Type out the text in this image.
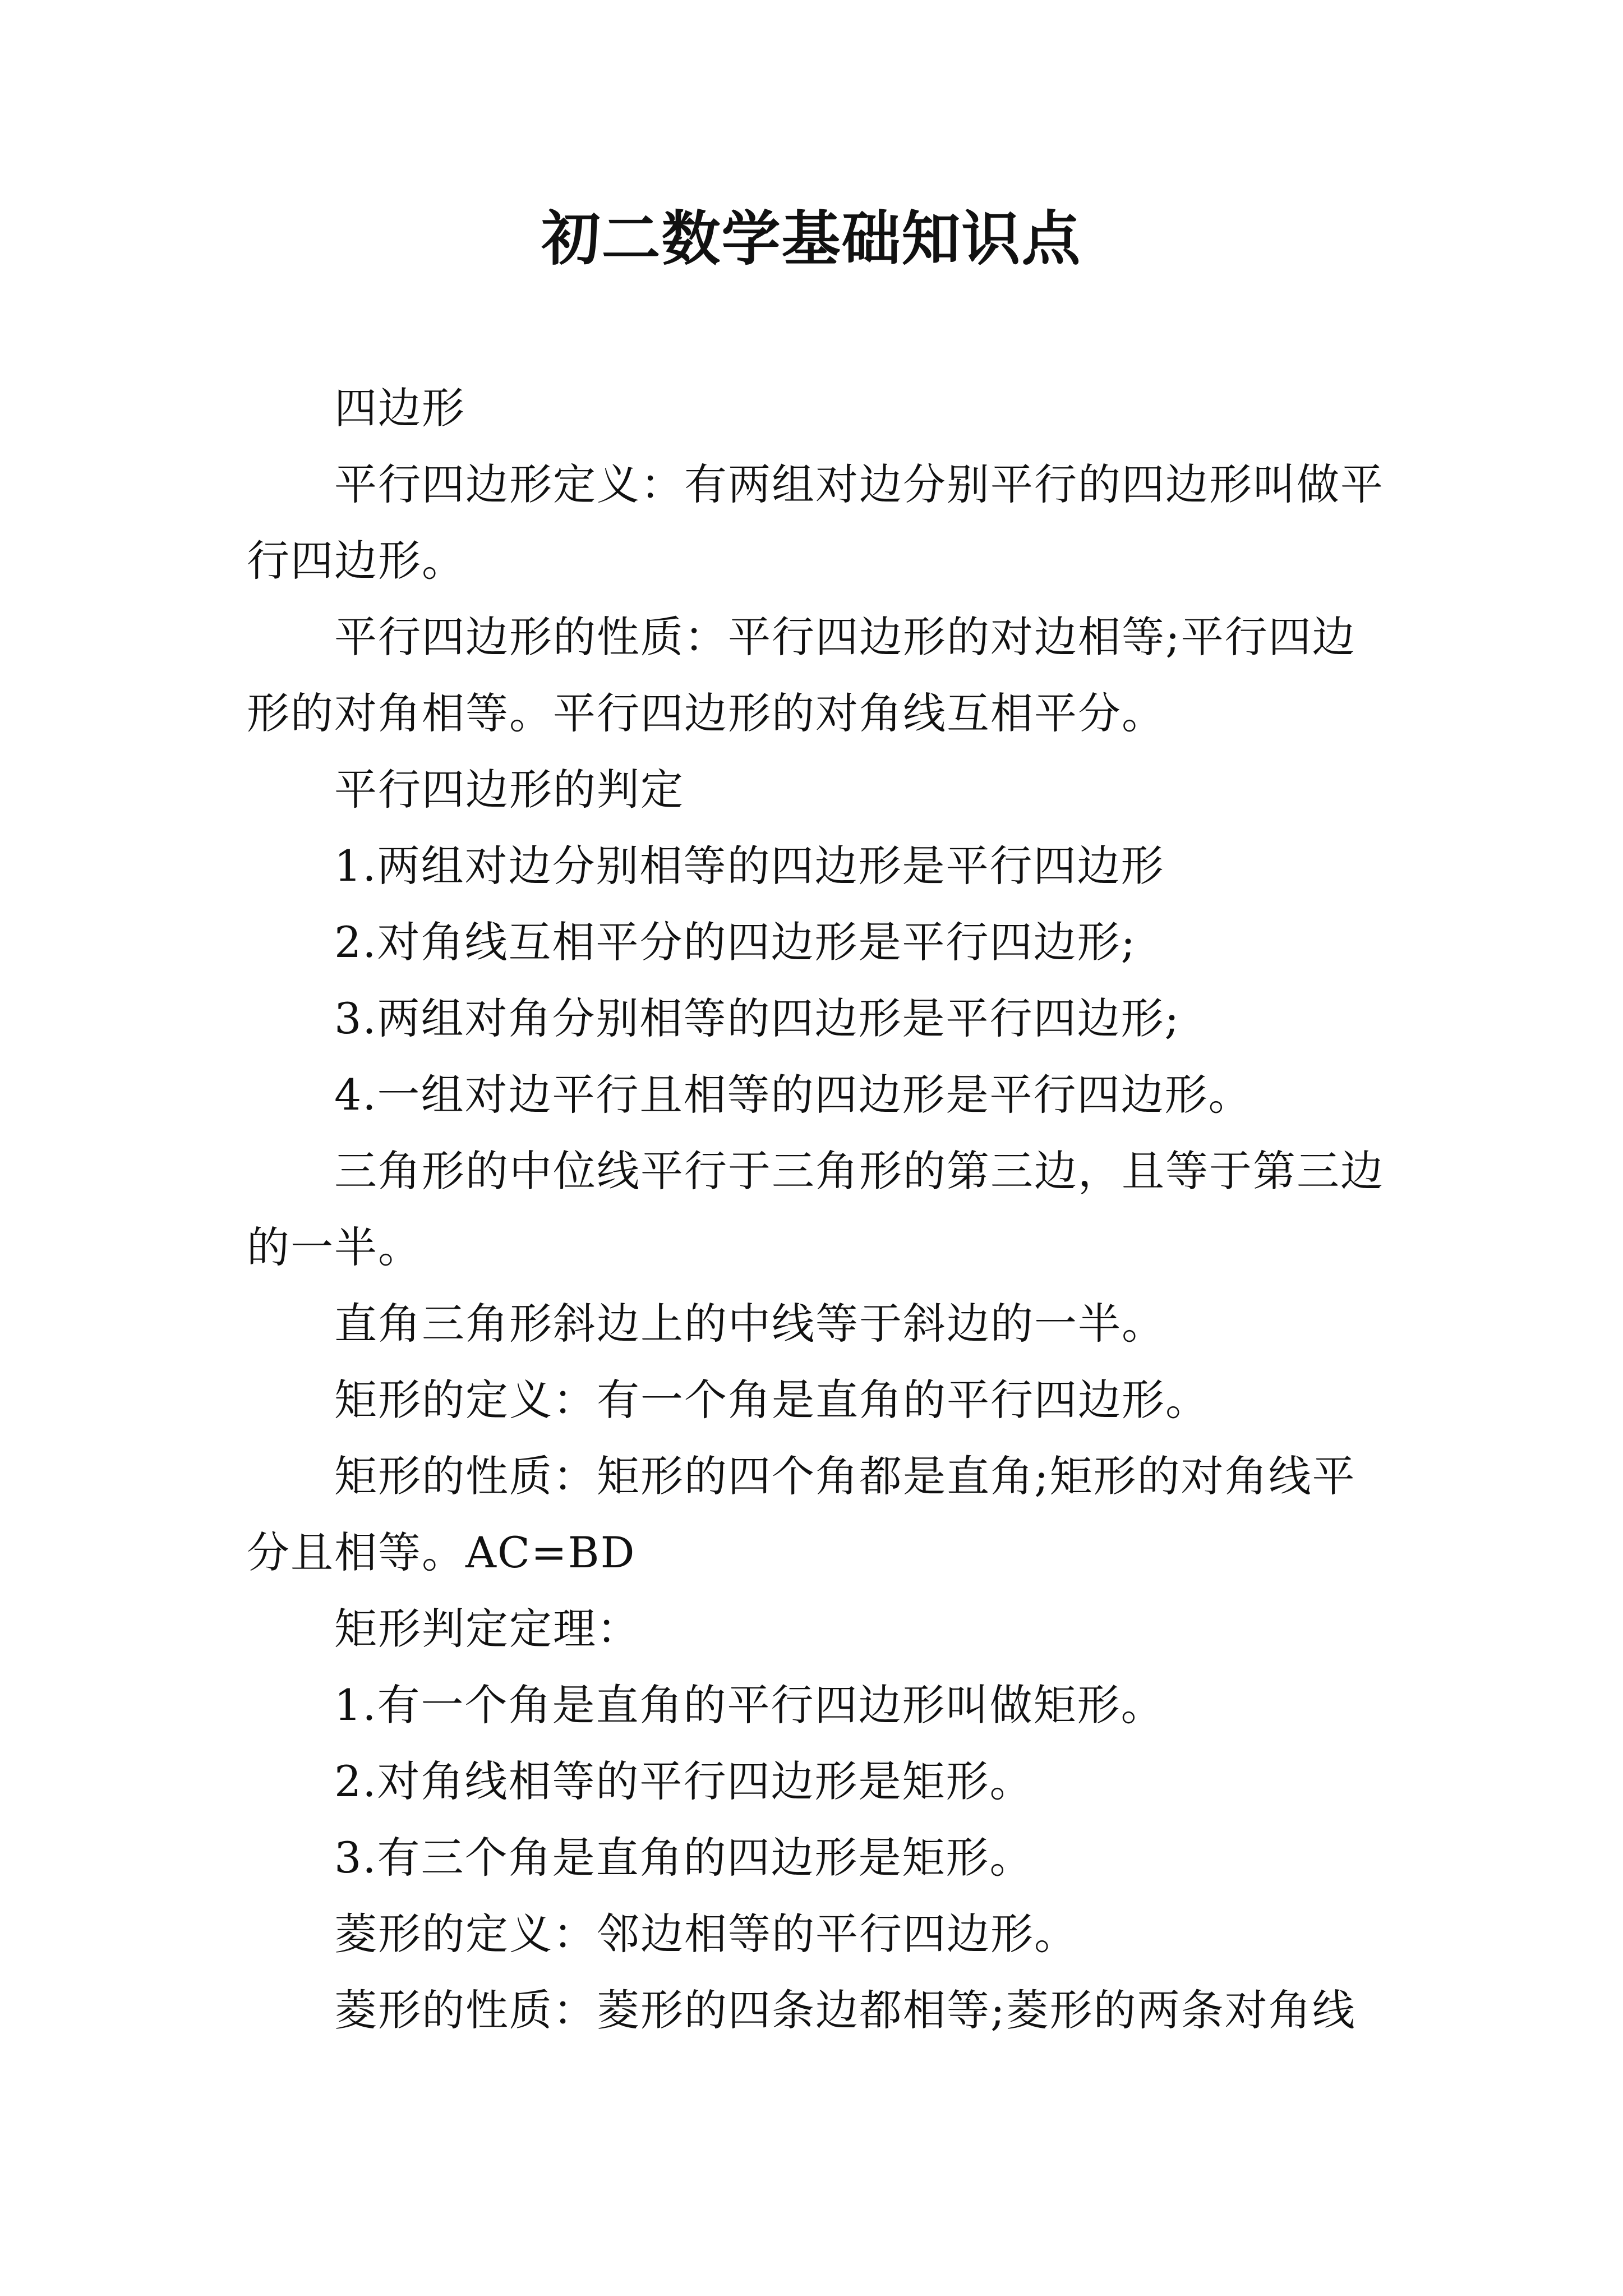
初二数学基础知识点

四边形

平行四边形定义：有两组对边分别平行的四边形叫做平行四边形。

平行四边形的性质：平行四边形的对边相等;平行四边形的对角相等。平行四边形的对角线互相平分。

平行四边形的判定

1.两组对边分别相等的四边形是平行四边形

2.对角线互相平分的四边形是平行四边形;

3.两组对角分别相等的四边形是平行四边形;

4.一组对边平行且相等的四边形是平行四边形。

三角形的中位线平行于三角形的第三边，且等于第三边的一半。

直角三角形斜边上的中线等于斜边的一半。

矩形的定义：有一个角是直角的平行四边形。

矩形的性质：矩形的四个角都是直角;矩形的对角线平分且相等。AC=BD

矩形判定定理：

1.有一个角是直角的平行四边形叫做矩形。

2.对角线相等的平行四边形是矩形。

3.有三个角是直角的四边形是矩形。

菱形的定义：邻边相等的平行四边形。

菱形的性质：菱形的四条边都相等;菱形的两条对角线
